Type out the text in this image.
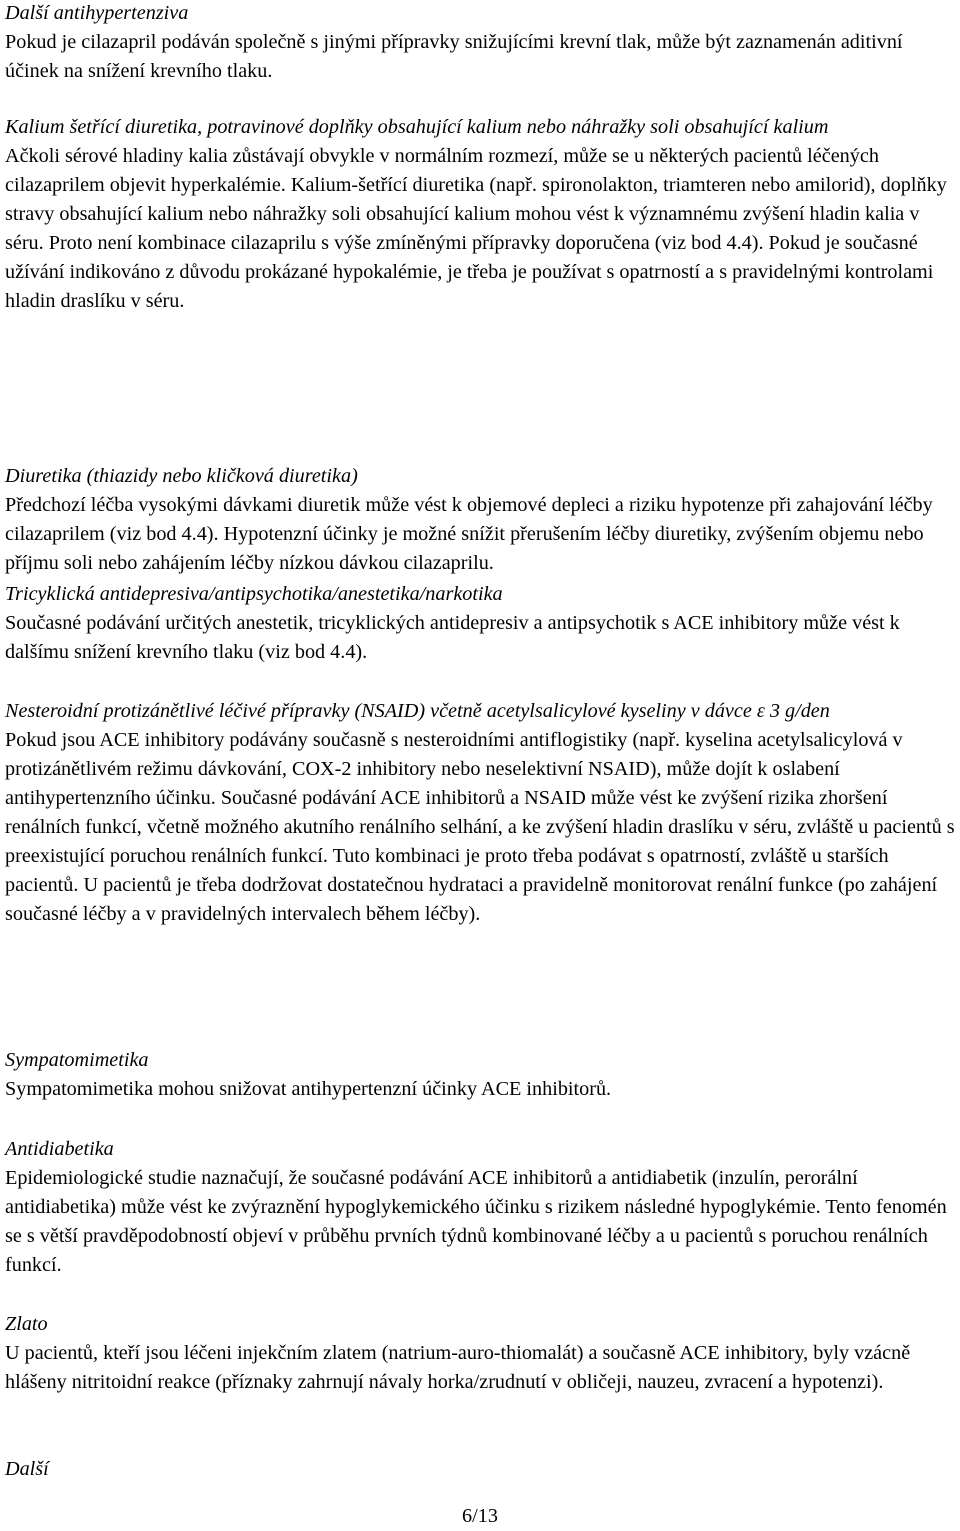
Další antihypertenziva

Pokud je cilazapril podáván společně s jinými přípravky snižujícími krevní tlak, může být zaznamenán aditivní účinek na snížení krevního tlaku.

Kalium šetřící diuretika, potravinové doplňky obsahující kalium nebo náhražky soli obsahující kalium

Ačkoli sérové hladiny kalia zůstávají obvykle v normálním rozmezí, může se u některých pacientů léčených cilazaprilem objevit hyperkalémie. Kalium-šetřící diuretika (např. spironolakton, triamteren nebo amilorid), doplňky stravy obsahující kalium nebo náhražky soli obsahující kalium mohou vést k významnému zvýšení hladin kalia v séru. Proto není kombinace cilazaprilu s výše zmíněnými přípravky doporučena (viz bod 4.4). Pokud je současné užívání indikováno z důvodu prokázané hypokalémie, je třeba je používat s opatrností a s pravidelnými kontrolami hladin draslíku v séru.

Diuretika (thiazidy nebo kličková diuretika)

Předchozí léčba vysokými dávkami diuretik může vést k objemové depleci a riziku hypotenze při zahajování léčby cilazaprilem (viz bod 4.4). Hypotenzní účinky je možné snížit přerušením léčby diuretiky, zvýšením objemu nebo příjmu soli nebo zahájením léčby nízkou dávkou cilazaprilu.

Tricyklická antidepresiva/antipsychotika/anestetika/narkotika

Současné podávání určitých anestetik, tricyklických antidepresiv a antipsychotik s ACE inhibitory může vést k dalšímu snížení krevního tlaku (viz bod 4.4).

Nesteroidní protizánětlivé léčivé přípravky (NSAID) včetně acetylsalicylové kyseliny v dávce ε 3 g/den

Pokud jsou ACE inhibitory podávány současně s nesteroidními antiflogistiky (např. kyselina acetylsalicylová v protizánětlivém režimu dávkování, COX-2 inhibitory nebo neselektivní NSAID), může dojít k oslabení antihypertenzního účinku. Současné podávání ACE inhibitorů a NSAID může vést ke zvýšení rizika zhoršení renálních funkcí, včetně možného akutního renálního selhání, a ke zvýšení hladin draslíku v séru, zvláště u pacientů s preexistující poruchou renálních funkcí. Tuto kombinaci je proto třeba podávat s opatrností, zvláště u starších pacientů. U pacientů je třeba dodržovat dostatečnou hydrataci a pravidelně monitorovat renální funkce (po zahájení současné léčby a v pravidelných intervalech během léčby).

Sympatomimetika

Sympatomimetika mohou snižovat antihypertenzní účinky ACE inhibitorů.

Antidiabetika

Epidemiologické studie naznačují, že současné podávání ACE inhibitorů a antidiabetik (inzulín, perorální antidiabetika) může vést ke zvýraznění hypoglykemického účinku s rizikem následné hypoglykémie. Tento fenomén se s větší pravděpodobností objeví v průběhu prvních týdnů kombinované léčby a u pacientů s poruchou renálních funkcí.

Zlato

U pacientů, kteří jsou léčeni injekčním zlatem (natrium-auro-thiomalát) a současně ACE inhibitory, byly vzácně hlášeny nitritoidní reakce (příznaky zahrnují návaly horka/zrudnutí v obličeji, nauzeu, zvracení a hypotenzi).

Další

6/13
